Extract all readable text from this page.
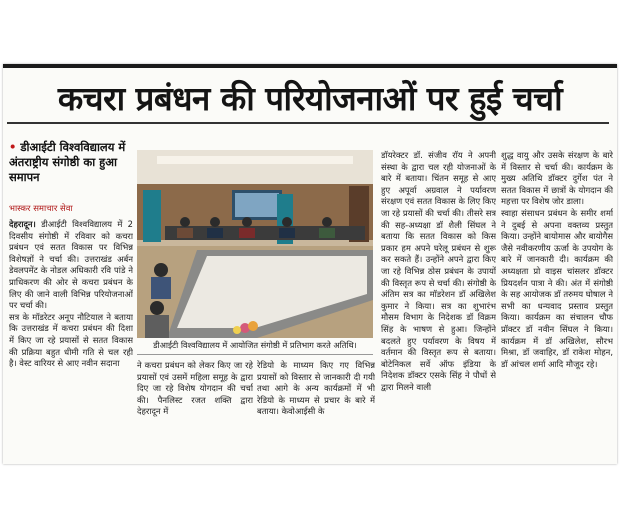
कचरा प्रबंधन की परियोजनाओं पर हुई चर्चा
• डीआईटी विश्वविद्यालय में अंतराष्ट्रीय संगोष्ठी का हुआ समापन
भास्कर समाचार सेवा

देहरादून। डीआईटी विश्वविद्यालय में 2 दिवसीय संगोष्ठी में रविवार को कचरा प्रबंधन एवं सतत विकास पर विभिन्न विशेषज्ञों ने चर्चा की। उत्तराखंड अर्बन डेवलपमेंट के नोडल अधिकारी रवि पांडे ने प्राधिकरण की ओर से कचरा प्रबंधन के लिए की जाने वाली विभिन्न परियोजनाओं पर चर्चा की।

सत्र के मॉडरेटर अनूप नौटियाल ने बताया कि उत्तराखंड में कचरा प्रबंधन की दिशा में किए जा रहे प्रयासों से सतत विकास की प्रक्रिया बहुत धीमी गति से चल रही है। वेस्ट वारियर से आए नवीन सदाना

डीआईटी विश्वविद्यालय में आयोजित संगोष्ठी में प्रतिभाग करते अतिथि।
ने कचरा प्रबंधन को लेकर किए जा रहे प्रयासों एवं उसमें महिला समूह के द्वारा दिए जा रहे विशेष योगदान की चर्चा की। पैनलिस्ट रजत शक्ति द्वारा देहरादून में
रेडियो के माध्यम किए गए विभिन्न प्रयासों को विस्तार से जानकारी दी गयी तथा आगे के अन्य कार्यक्रमों में भी रेडियो के माध्यम से प्रचार के बारे में बताया। केवोआईसी के
डॉयरेक्टर डॉ. संजीव रॉय ने अपनी संस्था के द्वारा चल रही योजनाओं के बारे में बताया। चिंतन समूह से आए हुए अपूर्वा अग्रवाल ने पर्यावरण संरक्षण एवं सतत विकास के लिए किए जा रहे प्रयासों की चर्चा की। तीसरे सत्र की सह-अध्यक्षा डॉ शैली सिंघल ने बताया कि सतत विकास को किस प्रकार हम अपने घरेलू प्रबंधन से शुरू कर सकते हैं। उन्होंने अपने द्वारा किए जा रहे विभिन्न ठोस प्रबंधन के उपायों की विस्तृत रूप से चर्चा की। संगोष्ठी के अंतिम सत्र का मॉडरेशन डॉ अखिलेश कुमार ने किया। सत्र का शुभारंभ मौसम विभाग के निदेशक डॉ विक्रम सिंह के भाषण से हुआ। जिन्होंने बदलते हुए पर्यावरण के विषय में वर्तमान की विस्तृत रूप से बताया। बोटेनिकल सर्वे ऑफ इंडिया के निदेशक डॉक्टर एसके सिंह ने पौधों से द्वारा मिलने वाली

शुद्ध वायु और उसके संरक्षण के बारे में विस्तार से चर्चा की। कार्यक्रम के मुख्य अतिथि डॉक्टर दुर्गेश पंत ने सतत विकास में छात्रों के योगदान की महत्ता पर विशेष जोर डाला।

स्वाहा संसाधन प्रबंधन के समीर शर्मा ने दुबई से अपना वक्तव्य प्रस्तुत किया। उन्होंने बायोमास और बायोगैस जैसे नवीकरणीय ऊर्जा के उपयोग के बारे में जानकारी दी। कार्यक्रम की अध्यक्षता प्रो वाइस चांसलर डॉक्टर प्रियदर्शन पात्रा ने की। अंत में संगोष्ठी के सह आयोजक डॉ तरुमय घोषाल ने सभी का धन्यवाद प्रस्ताव प्रस्तुत किया। कार्यक्रम का संचालन चौफ प्रॉक्टर डॉ नवीन सिंघल ने किया। कार्यक्रम में डॉ अखिलेश, सौरभ मिश्रा, डॉ जवाहिर, डॉ राकेश मोहन, डॉ आंचल शर्मा आदि मौजूद रहे।
